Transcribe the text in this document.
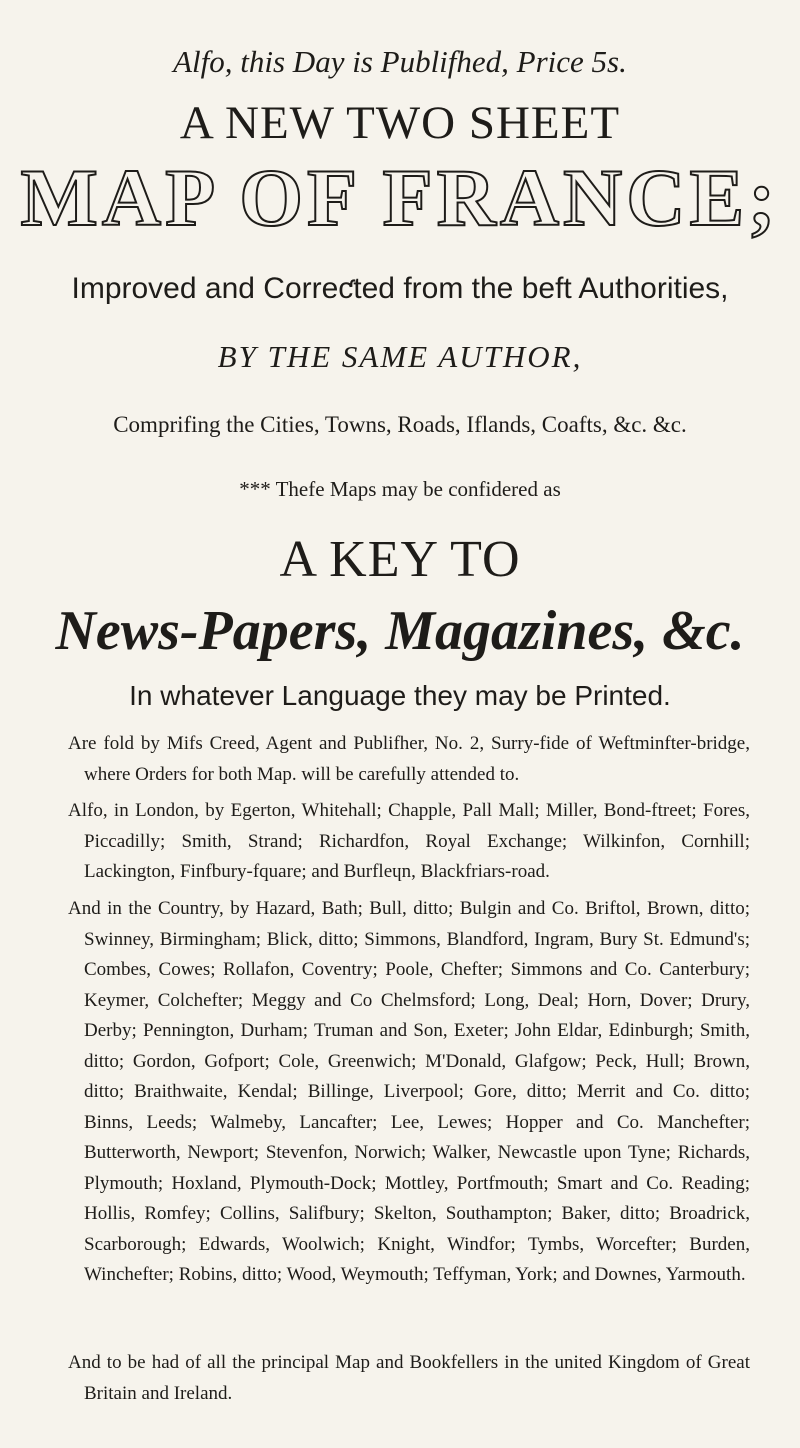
Alfo, this Day is Publifhed, Price 5s.
A NEW TWO SHEET
MAP OF FRANCE;
Improved and Correƈted from the beft Authorities,
BY THE SAME AUTHOR,
Comprifing the Cities, Towns, Roads, Iflands, Coafts, &c. &c.
*** Thefe Maps may be confidered as
A KEY TO
News-Papers, Magazines, &c.
In whatever Language they may be Printed.
Are fold by Mifs Creed, Agent and Publifher, No. 2, Surry-fide of Weftminfter-bridge, where Orders for both Map. will be carefully attended to.
Alfo, in London, by Egerton, Whitehall; Chapple, Pall Mall; Miller, Bond-ftreet; Fores, Piccadilly; Smith, Strand; Richardfon, Royal Exchange; Wilkinfon, Cornhill; Lackington, Finfbury-fquare; and Burfleɥn, Blackfriars-road.
And in the Country, by Hazard, Bath; Bull, ditto; Bulgin and Co. Briftol, Brown, ditto; Swinney, Birmingham; Blick, ditto; Simmons, Blandford, Ingram, Bury St. Edmund's; Combes, Cowes; Rollafon, Coventry; Poole, Chefter; Simmons and Co. Canterbury; Keymer, Colchefter; Meggy and Co Chelmsford; Long, Deal; Horn, Dover; Drury, Derby; Pennington, Durham; Truman and Son, Exeter; John Eldar, Edinburgh; Smith, ditto; Gordon, Gofport; Cole, Greenwich; M'Donald, Glafgow; Peck, Hull; Brown, ditto; Braithwaite, Kendal; Billinge, Liverpool; Gore, ditto; Merrit and Co. ditto; Binns, Leeds; Walmeby, Lancafter; Lee, Lewes; Hopper and Co. Manchefter; Butterworth, Newport; Stevenfon, Norwich; Walker, Newcastle upon Tyne; Richards, Plymouth; Hoxland, Plymouth-Dock; Mottley, Portfmouth; Smart and Co. Reading; Hollis, Romfey; Collins, Salifbury; Skelton, Southampton; Baker, ditto; Broadrick, Scarborough; Edwards, Woolwich; Knight, Windfor; Tymbs, Worcefter; Burden, Winchefter; Robins, ditto; Wood, Weymouth; Teffyman, York; and Downes, Yarmouth.
And to be had of all the principal Map and Bookfellers in the united Kingdom of Great Britain and Ireland.
